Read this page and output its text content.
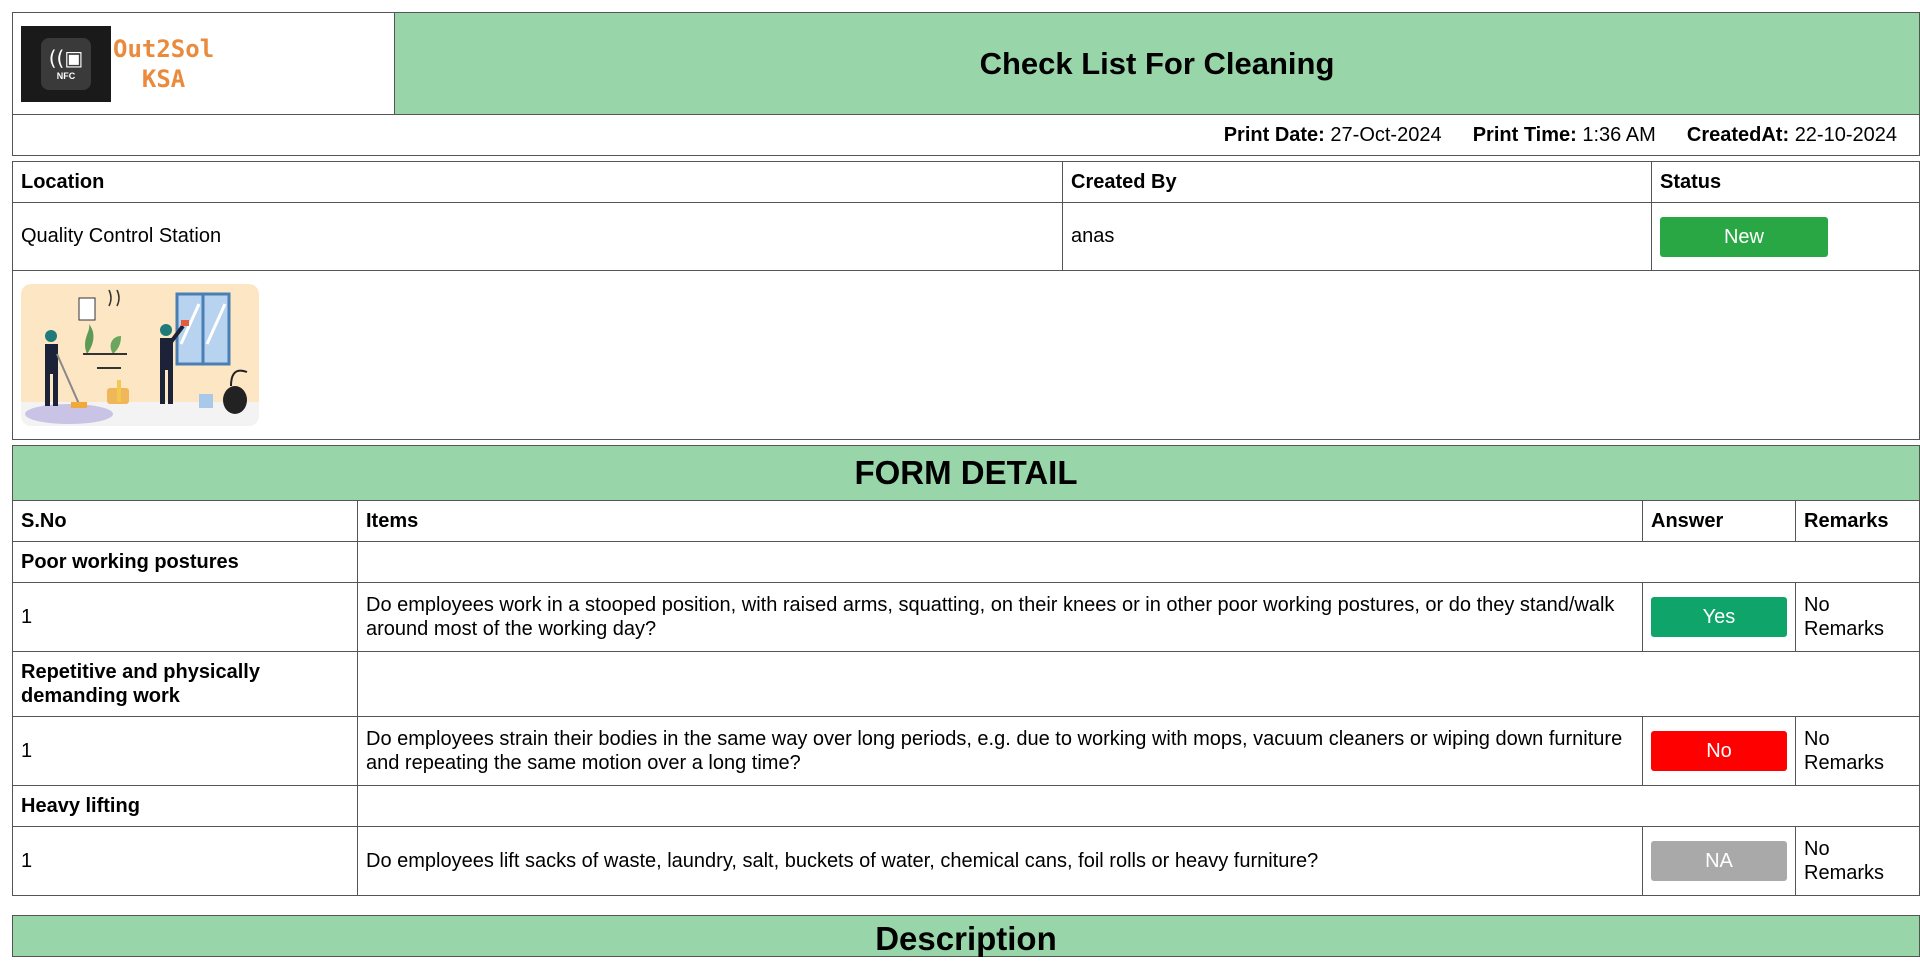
((▣
NFC
Out2Sol
KSA	Check List For Cleaning
Print Date: 27-Oct-2024 Print Time: 1:36 AM CreatedAt: 22-10-2024
Location	Created By	Status
Quality Control Station	anas	New

FORM DETAIL			
S.No	Items	Answer	Remarks
Poor working postures			
1	Do employees work in a stooped position, with raised arms, squatting, on their knees or in other poor working postures, or do they stand/walk around most of the working day?	Yes	No Remarks
Repetitive and physically demanding work			
1	Do employees strain their bodies in the same way over long periods, e.g. due to working with mops, vacuum cleaners or wiping down furniture and repeating the same motion over a long time?	No	No Remarks
Heavy lifting			
1	Do employees lift sacks of waste, laundry, salt, buckets of water, chemical cans, foil rolls or heavy furniture?	NA	No Remarks
Description
